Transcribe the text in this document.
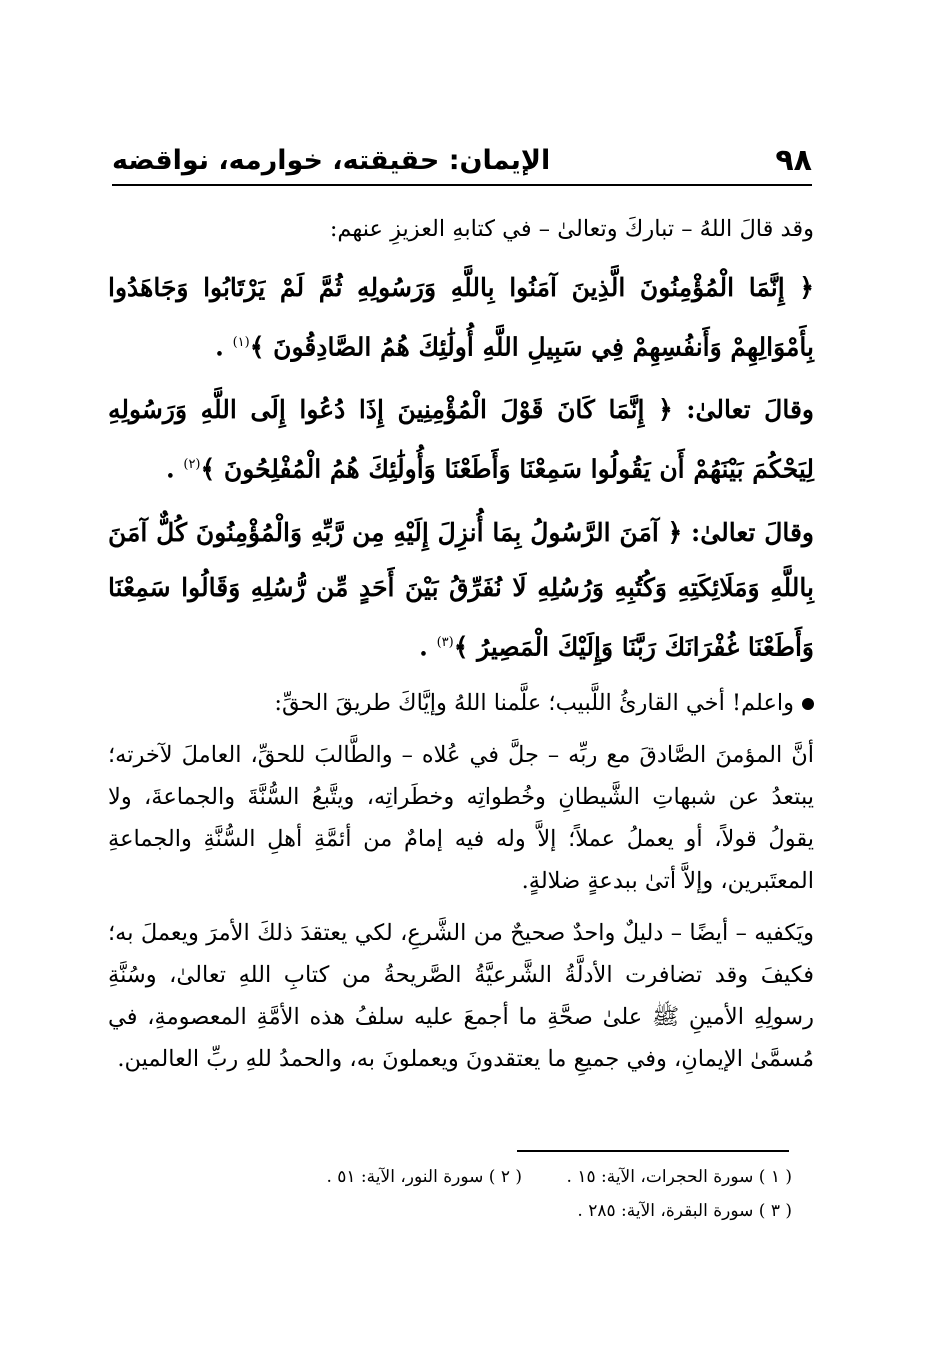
٩٨
الإيمان: حقيقته، خوارمه، نواقضه

وقد قالَ اللهُ – تباركَ وتعالىٰ – في كتابهِ العزيزِ عنهم:

﴿ إِنَّمَا الْمُؤْمِنُونَ الَّذِينَ آمَنُوا بِاللَّهِ وَرَسُولِهِ ثُمَّ لَمْ يَرْتَابُوا وَجَاهَدُوا بِأَمْوَالِهِمْ وَأَنفُسِهِمْ فِي سَبِيلِ اللَّهِ أُولَٰئِكَ هُمُ الصَّادِقُونَ ﴾$^{(١)}$ .

وقالَ تعالىٰ: ﴿ إِنَّمَا كَانَ قَوْلَ الْمُؤْمِنِينَ إِذَا دُعُوا إِلَى اللَّهِ وَرَسُولِهِ لِيَحْكُمَ بَيْنَهُمْ أَن يَقُولُوا سَمِعْنَا وَأَطَعْنَا وَأُولَٰئِكَ هُمُ الْمُفْلِحُونَ ﴾$^{(٢)}$ .

وقالَ تعالىٰ: ﴿ آمَنَ الرَّسُولُ بِمَا أُنزِلَ إِلَيْهِ مِن رَّبِّهِ وَالْمُؤْمِنُونَ كُلٌّ آمَنَ بِاللَّهِ وَمَلَائِكَتِهِ وَكُتُبِهِ وَرُسُلِهِ لَا نُفَرِّقُ بَيْنَ أَحَدٍ مِّن رُّسُلِهِ وَقَالُوا سَمِعْنَا وَأَطَعْنَا غُفْرَانَكَ رَبَّنَا وَإِلَيْكَ الْمَصِيرُ ﴾$^{(٣)}$ .

واعلم! أخي القارئُ اللَّبيب؛ علَّمنا اللهُ وإيَّاكَ طريقَ الحقِّ:

أنَّ المؤمنَ الصَّادقَ مع ربِّه – جلَّ في عُلاه – والطَّالبَ للحقِّ، العاملَ لآخرته؛ يبتعدُ عن شبهاتِ الشَّيطانِ وخُطواتِه وخطَراتِه، ويتَّبعُ السُّنَّةَ والجماعةَ، ولا يقولُ قولاً، أو يعملُ عملاً؛ إلاَّ وله فيه إمامٌ من أئمَّةِ أهلِ السُّنَّةِ والجماعةِ المعتَبرين، وإلاَّ أتىٰ ببدعةٍ ضلالةٍ.

ويَكفيه – أيضًا – دليلٌ واحدٌ صحيحٌ من الشَّرعِ، لكي يعتقدَ ذلكَ الأمرَ ويعملَ به؛ فكيفَ وقد تضافرت الأدلَّةُ الشَّرعيَّةُ الصَّريحةُ من كتابِ اللهِ تعالىٰ، وسُنَّةِ رسولِهِ الأمينِ ﷺ علىٰ صحَّةِ ما أجمعَ عليه سلفُ هذه الأمَّةِ المعصومةِ، في مُسمَّىٰ الإيمانِ، وفي جميعِ ما يعتقدونَ ويعملونَ به، والحمدُ للهِ ربِّ العالمين.

( ١ ) سورة الحجرات، الآية: ١٥ .
( ٢ ) سورة النور، الآية: ٥١ .
( ٣ ) سورة البقرة، الآية: ٢٨٥ .
